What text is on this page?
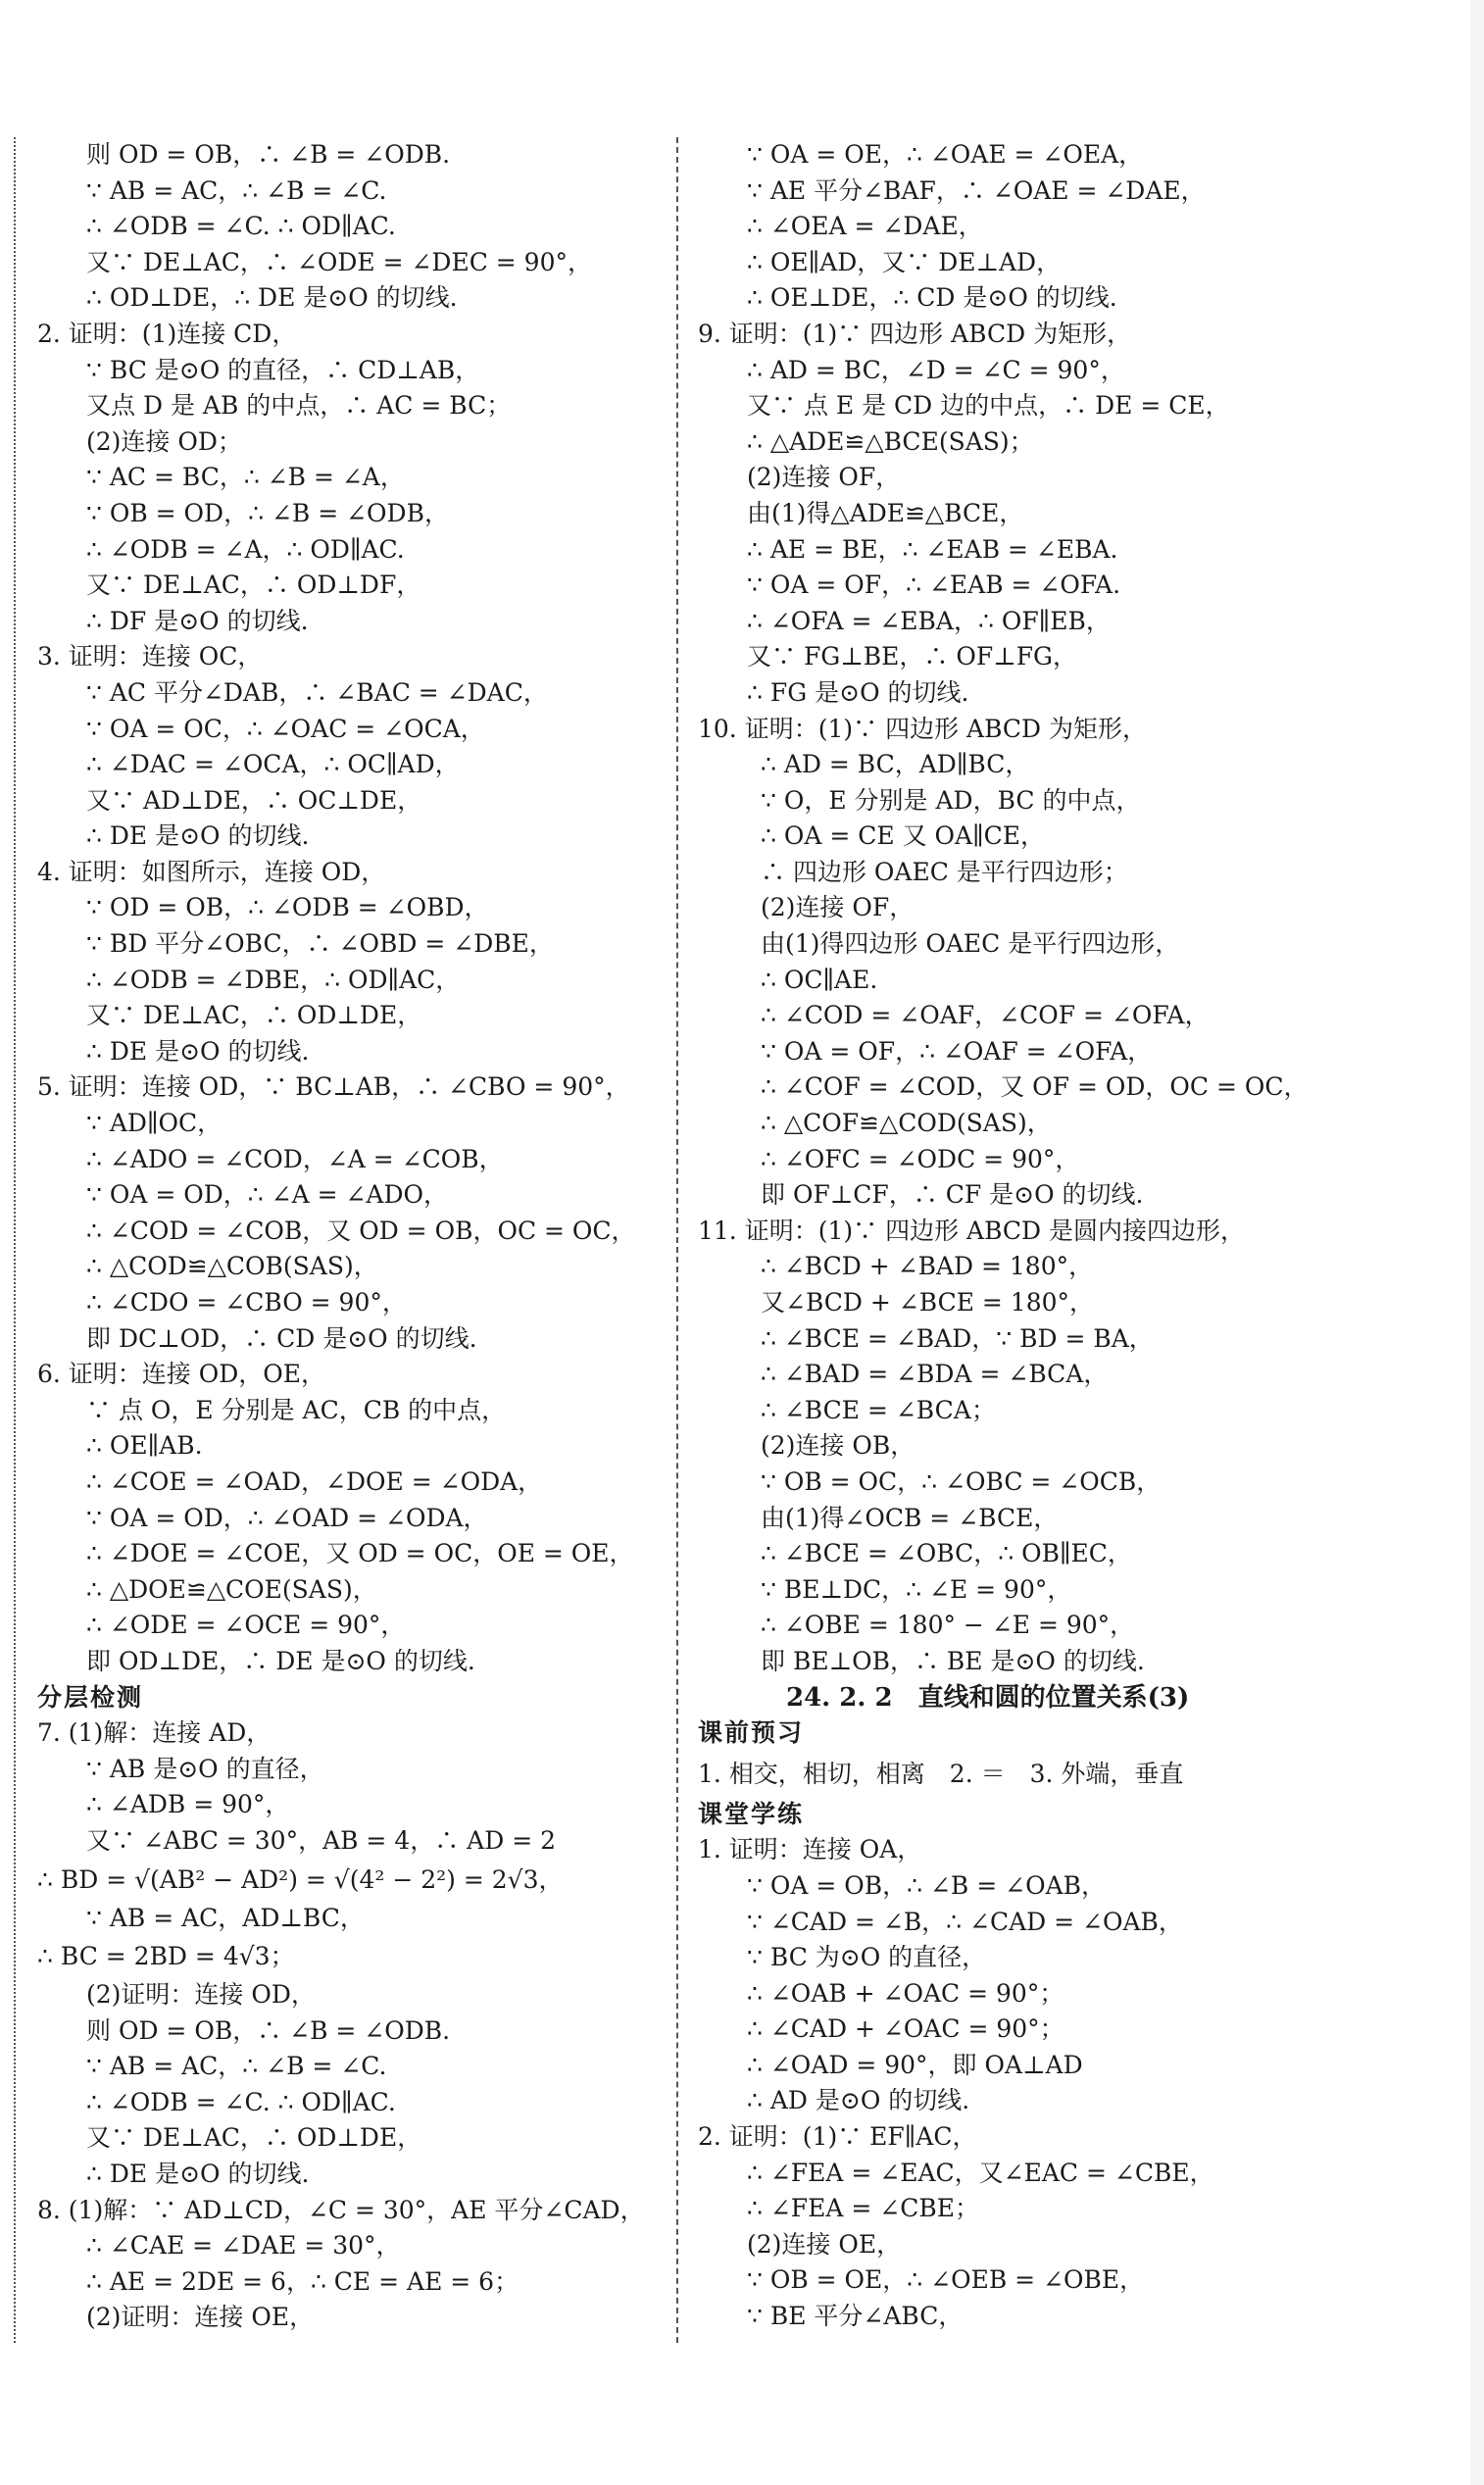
则 OD = OB，∴ ∠B = ∠ODB.
∵ AB = AC，∴ ∠B = ∠C.
∴ ∠ODB = ∠C. ∴ OD∥AC.
又∵ DE⊥AC，∴ ∠ODE = ∠DEC = 90°，
∴ OD⊥DE，∴ DE 是⊙O 的切线.
2. 证明：(1)连接 CD，
∵ BC 是⊙O 的直径，∴ CD⊥AB，
又点 D 是 AB 的中点，∴ AC = BC；
(2)连接 OD；
∵ AC = BC，∴ ∠B = ∠A，
∵ OB = OD，∴ ∠B = ∠ODB，
∴ ∠ODB = ∠A，∴ OD∥AC.
又∵ DE⊥AC，∴ OD⊥DF，
∴ DF 是⊙O 的切线.
3. 证明：连接 OC，
∵ AC 平分∠DAB，∴ ∠BAC = ∠DAC，
∵ OA = OC，∴ ∠OAC = ∠OCA，
∴ ∠DAC = ∠OCA，∴ OC∥AD，
又∵ AD⊥DE，∴ OC⊥DE，
∴ DE 是⊙O 的切线.
4. 证明：如图所示，连接 OD，
∵ OD = OB，∴ ∠ODB = ∠OBD，
∵ BD 平分∠OBC，∴ ∠OBD = ∠DBE，
∴ ∠ODB = ∠DBE，∴ OD∥AC，
又∵ DE⊥AC，∴ OD⊥DE，
∴ DE 是⊙O 的切线.
5. 证明：连接 OD，∵ BC⊥AB，∴ ∠CBO = 90°，
∵ AD∥OC，
∴ ∠ADO = ∠COD，∠A = ∠COB，
∵ OA = OD，∴ ∠A = ∠ADO，
∴ ∠COD = ∠COB，又 OD = OB，OC = OC，
∴ △COD≌△COB(SAS)，
∴ ∠CDO = ∠CBO = 90°，
即 DC⊥OD，∴ CD 是⊙O 的切线.
6. 证明：连接 OD，OE，
∵ 点 O，E 分别是 AC，CB 的中点，
∴ OE∥AB.
∴ ∠COE = ∠OAD，∠DOE = ∠ODA，
∵ OA = OD，∴ ∠OAD = ∠ODA，
∴ ∠DOE = ∠COE，又 OD = OC，OE = OE，
∴ △DOE≌△COE(SAS)，
∴ ∠ODE = ∠OCE = 90°，
即 OD⊥DE，∴ DE 是⊙O 的切线.
分层检测
7. (1)解：连接 AD，
∵ AB 是⊙O 的直径，
∴ ∠ADB = 90°，
又∵ ∠ABC = 30°，AB = 4，∴ AD = 2
∴ BD = √(AB² − AD²) = √(4² − 2²) = 2√3，
∵ AB = AC，AD⊥BC，
∴ BC = 2BD = 4√3；
(2)证明：连接 OD，
则 OD = OB，∴ ∠B = ∠ODB.
∵ AB = AC，∴ ∠B = ∠C.
∴ ∠ODB = ∠C. ∴ OD∥AC.
又∵ DE⊥AC，∴ OD⊥DE，
∴ DE 是⊙O 的切线.
8. (1)解：∵ AD⊥CD，∠C = 30°，AE 平分∠CAD，
∴ ∠CAE = ∠DAE = 30°，
∴ AE = 2DE = 6，∴ CE = AE = 6；
(2)证明：连接 OE，
∵ OA = OE，∴ ∠OAE = ∠OEA，
∵ AE 平分∠BAF，∴ ∠OAE = ∠DAE，
∴ ∠OEA = ∠DAE，
∴ OE∥AD，又∵ DE⊥AD，
∴ OE⊥DE，∴ CD 是⊙O 的切线.
9. 证明：(1)∵ 四边形 ABCD 为矩形，
∴ AD = BC，∠D = ∠C = 90°，
又∵ 点 E 是 CD 边的中点，∴ DE = CE，
∴ △ADE≌△BCE(SAS)；
(2)连接 OF，
由(1)得△ADE≌△BCE，
∴ AE = BE，∴ ∠EAB = ∠EBA.
∵ OA = OF，∴ ∠EAB = ∠OFA.
∴ ∠OFA = ∠EBA，∴ OF∥EB，
又∵ FG⊥BE，∴ OF⊥FG，
∴ FG 是⊙O 的切线.
10. 证明：(1)∵ 四边形 ABCD 为矩形，
∴ AD = BC，AD∥BC，
∵ O，E 分别是 AD，BC 的中点，
∴ OA = CE 又 OA∥CE，
∴ 四边形 OAEC 是平行四边形；
(2)连接 OF，
由(1)得四边形 OAEC 是平行四边形，
∴ OC∥AE.
∴ ∠COD = ∠OAF，∠COF = ∠OFA，
∵ OA = OF，∴ ∠OAF = ∠OFA，
∴ ∠COF = ∠COD，又 OF = OD，OC = OC，
∴ △COF≌△COD(SAS)，
∴ ∠OFC = ∠ODC = 90°，
即 OF⊥CF，∴ CF 是⊙O 的切线.
11. 证明：(1)∵ 四边形 ABCD 是圆内接四边形，
∴ ∠BCD + ∠BAD = 180°，
又∠BCD + ∠BCE = 180°，
∴ ∠BCE = ∠BAD，∵ BD = BA，
∴ ∠BAD = ∠BDA = ∠BCA，
∴ ∠BCE = ∠BCA；
(2)连接 OB，
∵ OB = OC，∴ ∠OBC = ∠OCB，
由(1)得∠OCB = ∠BCE，
∴ ∠BCE = ∠OBC，∴ OB∥EC，
∵ BE⊥DC，∴ ∠E = 90°，
∴ ∠OBE = 180° − ∠E = 90°，
即 BE⊥OB，∴ BE 是⊙O 的切线.
24. 2. 2　直线和圆的位置关系(3)
课前预习
1. 相交，相切，相离　2. ＝　3. 外端，垂直
课堂学练
1. 证明：连接 OA，
∵ OA = OB，∴ ∠B = ∠OAB，
∵ ∠CAD = ∠B，∴ ∠CAD = ∠OAB，
∵ BC 为⊙O 的直径，
∴ ∠OAB + ∠OAC = 90°；
∴ ∠CAD + ∠OAC = 90°；
∴ ∠OAD = 90°，即 OA⊥AD
∴ AD 是⊙O 的切线.
2. 证明：(1)∵ EF∥AC，
∴ ∠FEA = ∠EAC，又∠EAC = ∠CBE，
∴ ∠FEA = ∠CBE；
(2)连接 OE，
∵ OB = OE，∴ ∠OEB = ∠OBE，
∵ BE 平分∠ABC，
